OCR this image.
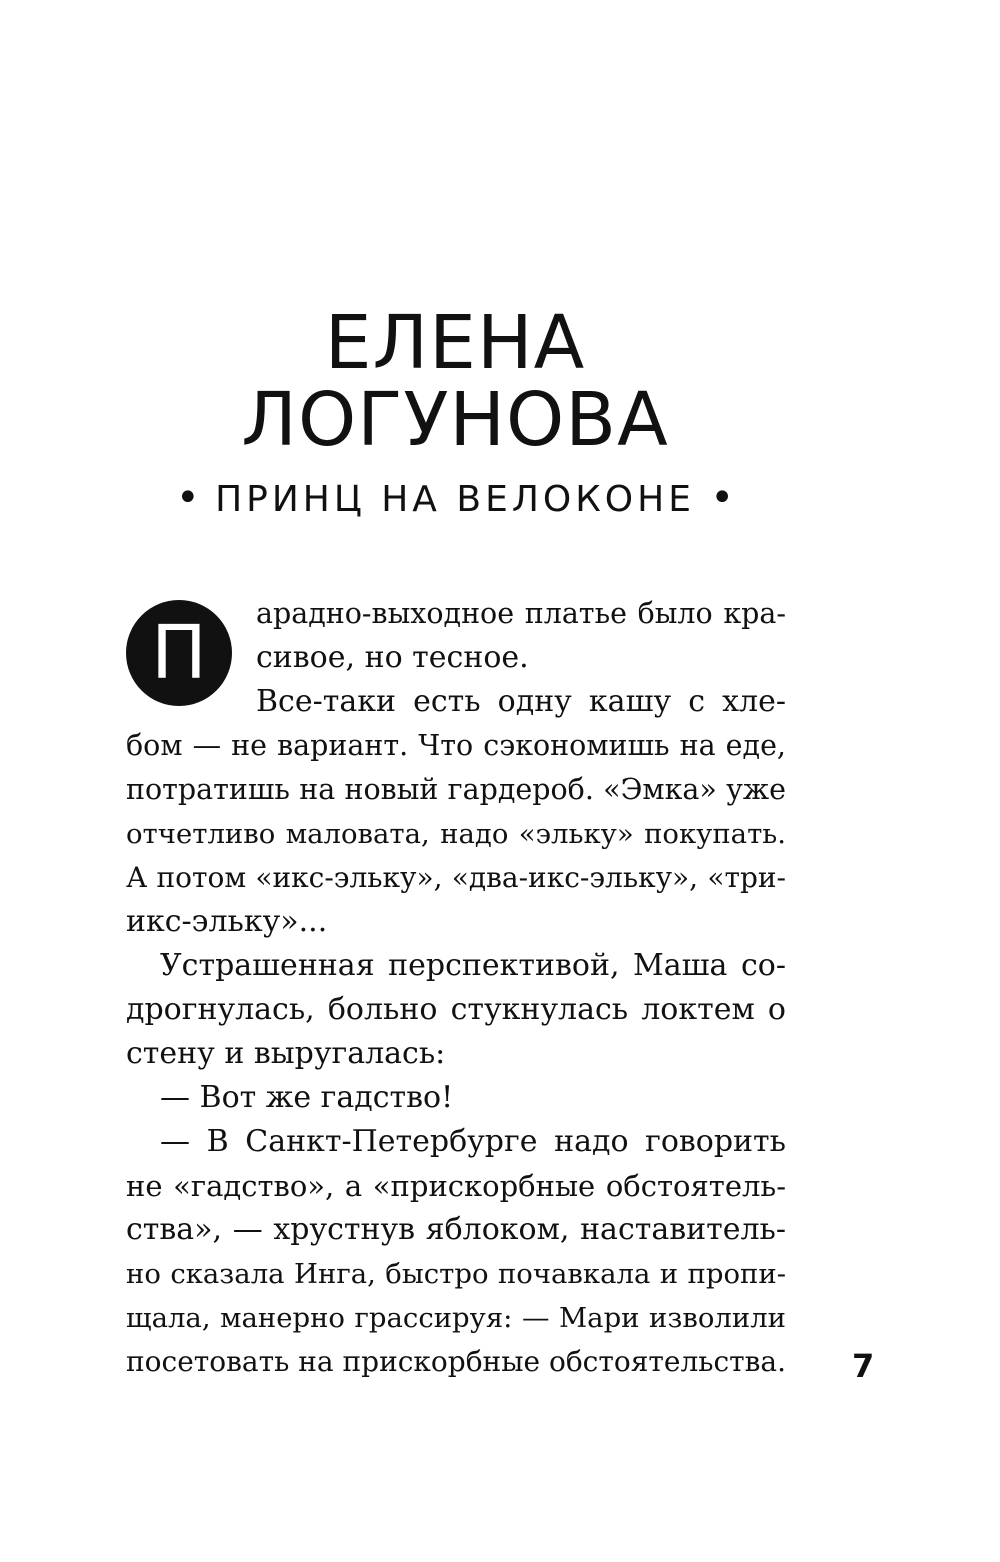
ЕЛЕНА
ЛОГУНОВА
• ПРИНЦ НА ВЕЛОКОНЕ •
П	арадно-выходное платье было кра-
сивое, но тесное.
Все-таки есть одну кашу с хле-
бом — не вариант. Что сэкономишь на еде,
потратишь на новый гардероб. «Эмка» уже
отчетливо маловата, надо «эльку» покупать.
А потом «икс-эльку», «два-икс-эльку», «три-
икс-эльку»...
Устрашенная перспективой, Маша со-
дрогнулась, больно стукнулась локтем о
стену и выругалась:
— Вот же гадство!
— В Санкт-Петербурге надо говорить
не «гадство», а «прискорбные обстоятель-
ства», — хрустнув яблоком, наставитель-
но сказала Инга, быстро почавкала и пропи-
щала, манерно грассируя: — Мари изволили
посетовать на прискорбные обстоятельства. 7
